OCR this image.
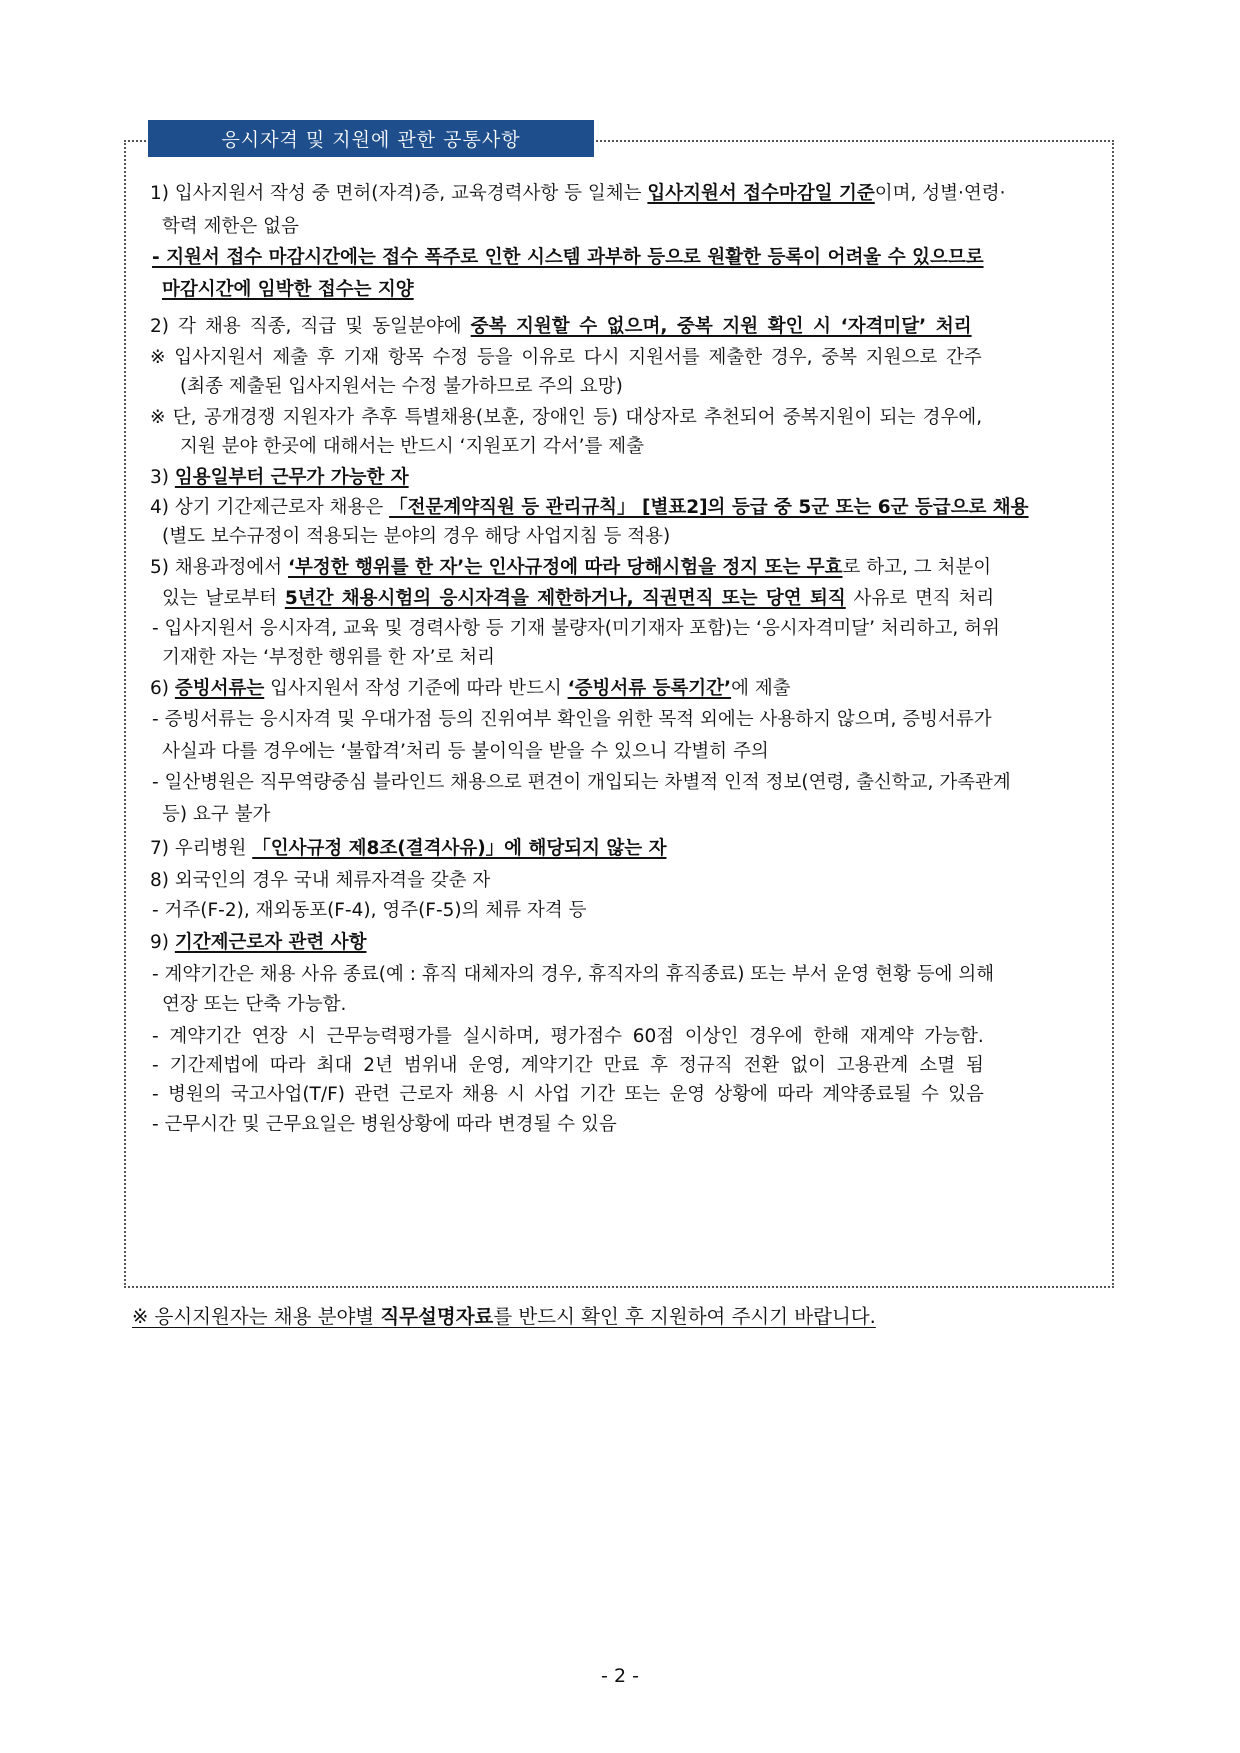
응시자격 및 지원에 관한 공통사항
1) 입사지원서 작성 중 면허(자격)증, 교육경력사항 등 일체는 입사지원서 접수마감일 기준이며, 성별·연령·
학력 제한은 없음
- 지원서 접수 마감시간에는 접수 폭주로 인한 시스템 과부하 등으로 원활한 등록이 어려울 수 있으므로
마감시간에 임박한 접수는 지양
2) 각 채용 직종, 직급 및 동일분야에 중복 지원할 수 없으며, 중복 지원 확인 시 ‘자격미달’ 처리
※ 입사지원서 제출 후 기재 항목 수정 등을 이유로 다시 지원서를 제출한 경우, 중복 지원으로 간주
(최종 제출된 입사지원서는 수정 불가하므로 주의 요망)
※ 단, 공개경쟁 지원자가 추후 특별채용(보훈, 장애인 등) 대상자로 추천되어 중복지원이 되는 경우에,
지원 분야 한곳에 대해서는 반드시 ‘지원포기 각서’를 제출
3) 임용일부터 근무가 가능한 자
4) 상기 기간제근로자 채용은 「전문계약직원 등 관리규칙」 [별표2]의 등급 중 5군 또는 6군 등급으로 채용
(별도 보수규정이 적용되는 분야의 경우 해당 사업지침 등 적용)
5) 채용과정에서 ‘부정한 행위를 한 자’는 인사규정에 따라 당해시험을 정지 또는 무효로 하고, 그 처분이
있는 날로부터 5년간 채용시험의 응시자격을 제한하거나, 직권면직 또는 당연 퇴직 사유로 면직 처리
- 입사지원서 응시자격, 교육 및 경력사항 등 기재 불량자(미기재자 포함)는 ‘응시자격미달’ 처리하고, 허위
기재한 자는 ‘부정한 행위를 한 자’로 처리
6) 증빙서류는 입사지원서 작성 기준에 따라 반드시 ‘증빙서류 등록기간’에 제출
- 증빙서류는 응시자격 및 우대가점 등의 진위여부 확인을 위한 목적 외에는 사용하지 않으며, 증빙서류가
사실과 다를 경우에는 ‘불합격’처리 등 불이익을 받을 수 있으니 각별히 주의
- 일산병원은 직무역량중심 블라인드 채용으로 편견이 개입되는 차별적 인적 정보(연령, 출신학교, 가족관계
등) 요구 불가
7) 우리병원 「인사규정 제8조(결격사유)」에 해당되지 않는 자
8) 외국인의 경우 국내 체류자격을 갖춘 자
- 거주(F-2), 재외동포(F-4), 영주(F-5)의 체류 자격 등
9) 기간제근로자 관련 사항
- 계약기간은 채용 사유 종료(예 : 휴직 대체자의 경우, 휴직자의 휴직종료) 또는 부서 운영 현황 등에 의해
연장 또는 단축 가능함.
- 계약기간 연장 시 근무능력평가를 실시하며, 평가점수 60점 이상인 경우에 한해 재계약 가능함.
- 기간제법에 따라 최대 2년 범위내 운영, 계약기간 만료 후 정규직 전환 없이 고용관계 소멸 됨
- 병원의 국고사업(T/F) 관련 근로자 채용 시 사업 기간 또는 운영 상황에 따라 계약종료될 수 있음
- 근무시간 및 근무요일은 병원상황에 따라 변경될 수 있음
※ 응시지원자는 채용 분야별 직무설명자료를 반드시 확인 후 지원하여 주시기 바랍니다.
- 2 -
